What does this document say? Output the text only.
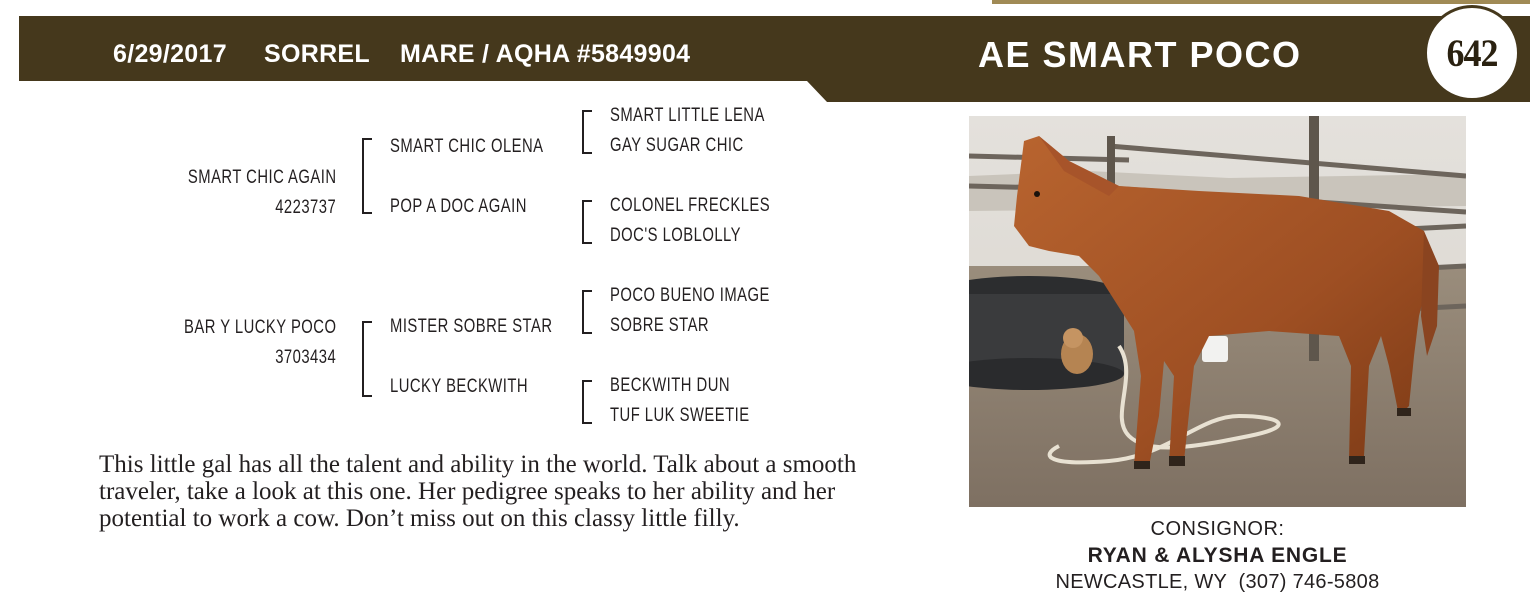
6/29/2017 SORREL MARE / AQHA #5849904	AE SMART POCO	642
SMART CHIC AGAIN
4223737
BAR Y LUCKY POCO
3703434
SMART CHIC OLENA
POP A DOC AGAIN
MISTER SOBRE STAR
LUCKY BECKWITH
SMART LITTLE LENA
GAY SUGAR CHIC
COLONEL FRECKLES
DOC'S LOBLOLLY
POCO BUENO IMAGE
SOBRE STAR
BECKWITH DUN
TUF LUK SWEETIE
This little gal has all the talent and ability in the world. Talk about a smooth
traveler, take a look at this one. Her pedigree speaks to her ability and her
potential to work a cow. Don’t miss out on this classy little filly.	CONSIGNOR:
RYAN & ALYSHA ENGLE
NEWCASTLE, WY  (307) 746-5808
